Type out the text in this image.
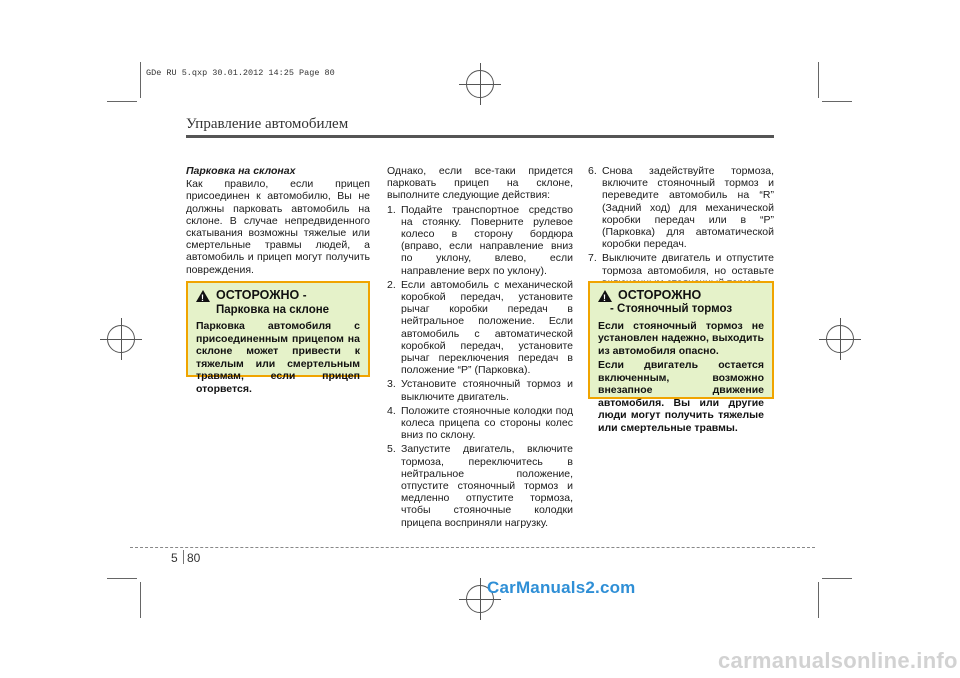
GDe RU 5.qxp 30.01.2012 14:25 Page 80
Управление автомобилем
Парковка на склонах

Как правило, если прицеп присоединен к автомобилю, Вы не должны парковать автомобиль на склоне. В случае непредвиденного скатывания возможны тяжелые или смертельные травмы людей, а автомобиль и прицеп могут получить повреждения.

!
ОСТОРОЖНО - Парковка на склоне
Парковка автомобиля с присоединенным прицепом на склоне может привести к тяжелым или смертельным травмам, если прицеп оторвется.

Однако, если все-таки придется парковать прицеп на склоне, выполните следующие действия:

1. Подайте транспортное средство на стоянку. Поверните рулевое колесо в сторону бордюра (вправо, если направление вниз по уклону, влево, если направление верх по уклону).
2. Если автомобиль с механической коробкой передач, установите рычаг коробки передач в нейтральное положение. Если автомобиль с автоматической коробкой передач, установите рычаг переключения передач в положение “P” (Парковка).
3. Установите стояночный тормоз и выключите двигатель.
4. Положите стояночные колодки под колеса прицепа со стороны колес вниз по склону.
5. Запустите двигатель, включите тормоза, переключитесь в нейтральное положение, отпустите стояночный тормоз и медленно отпустите тормоза, чтобы стояночные колодки прицепа восприняли нагрузку.
6. Снова задействуйте тормоза, включите стояночный тормоз и переведите автомобиль на “R” (Задний ход) для механической коробки передач или в “P” (Парковка) для автоматической коробки передач.
7. Выключите двигатель и отпустите тормоза автомобиля, но оставьте
!
ОСТОРОЖНО
- Стояночный тормоз
Если стояночный тормоз не установлен надежно, выходить из автомобиля опасно.
Если двигатель остается включенным, возможно внезапное движение автомобиля. Вы или другие люди могут получить тяжелые или смертельные травмы.
5 80
CarManuals2.com
carmanualsonline.info
